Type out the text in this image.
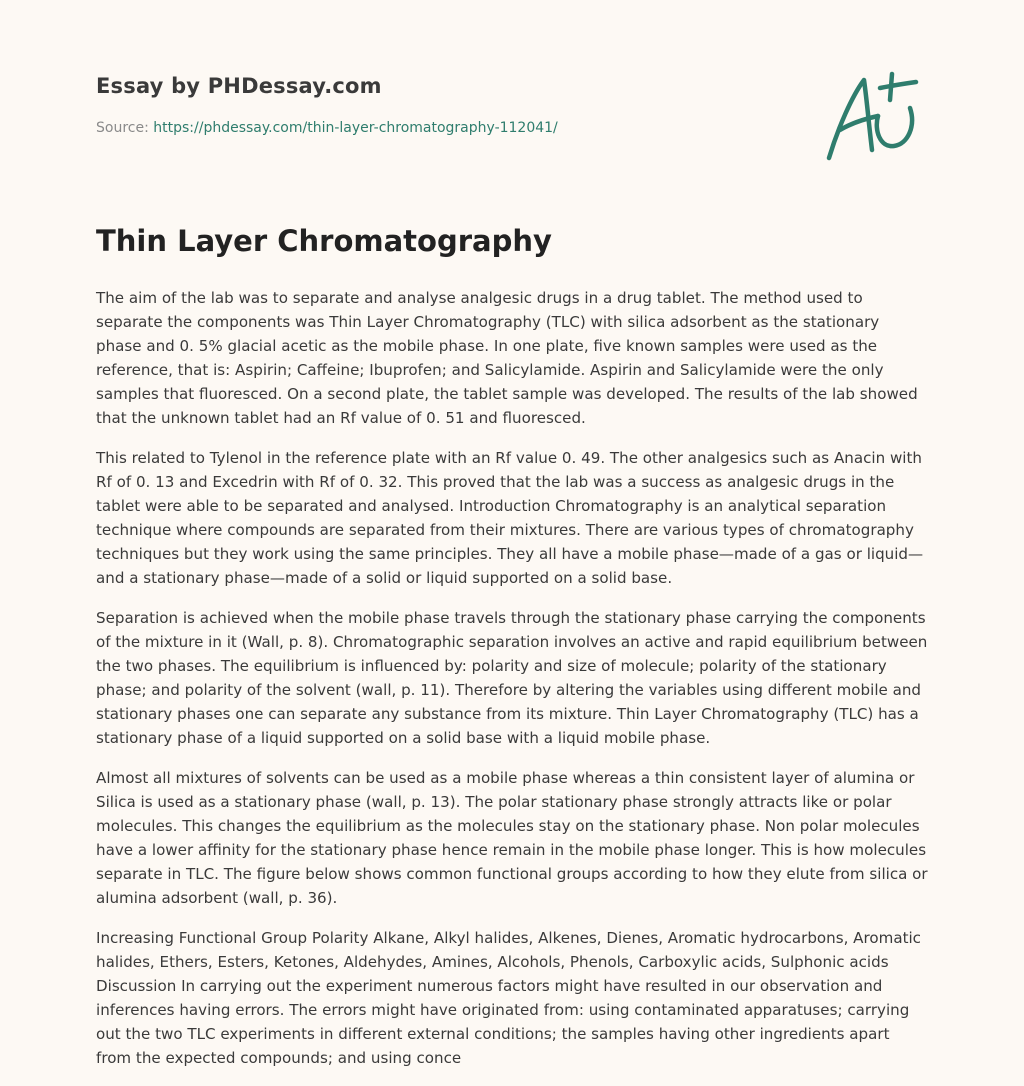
Essay by PHDessay.com
Source: https://phdessay.com/thin-layer-chromatography-112041/
Thin Layer Chromatography

The aim of the lab was to separate and analyse analgesic drugs in a drug tablet. The method used to separate the components was Thin Layer Chromatography (TLC) with silica adsorbent as the stationary phase and 0. 5% glacial acetic as the mobile phase. In one plate, five known samples were used as the reference, that is: Aspirin; Caffeine; Ibuprofen; and Salicylamide. Aspirin and Salicylamide were the only samples that fluoresced. On a second plate, the tablet sample was developed. The results of the lab showed that the unknown tablet had an Rf value of 0. 51 and fluoresced.

This related to Tylenol in the reference plate with an Rf value 0. 49. The other analgesics such as Anacin with Rf of 0. 13 and Excedrin with Rf of 0. 32. This proved that the lab was a success as analgesic drugs in the tablet were able to be separated and analysed. Introduction Chromatography is an analytical separation technique where compounds are separated from their mixtures. There are various types of chromatography techniques but they work using the same principles. They all have a mobile phase—made of a gas or liquid—and a stationary phase—made of a solid or liquid supported on a solid base.

Separation is achieved when the mobile phase travels through the stationary phase carrying the components of the mixture in it (Wall, p. 8). Chromatographic separation involves an active and rapid equilibrium between the two phases. The equilibrium is influenced by: polarity and size of molecule; polarity of the stationary phase; and polarity of the solvent (wall, p. 11). Therefore by altering the variables using different mobile and stationary phases one can separate any substance from its mixture. Thin Layer Chromatography (TLC) has a stationary phase of a liquid supported on a solid base with a liquid mobile phase.

Almost all mixtures of solvents can be used as a mobile phase whereas a thin consistent layer of alumina or Silica is used as a stationary phase (wall, p. 13). The polar stationary phase strongly attracts like or polar molecules. This changes the equilibrium as the molecules stay on the stationary phase. Non polar molecules have a lower affinity for the stationary phase hence remain in the mobile phase longer. This is how molecules separate in TLC. The figure below shows common functional groups according to how they elute from silica or alumina adsorbent (wall, p. 36).

Increasing Functional Group Polarity Alkane, Alkyl halides, Alkenes, Dienes, Aromatic hydrocarbons, Aromatic halides, Ethers, Esters, Ketones, Aldehydes, Amines, Alcohols, Phenols, Carboxylic acids, Sulphonic acids Discussion In carrying out the experiment numerous factors might have resulted in our observation and inferences having errors. The errors might have originated from: using contaminated apparatuses; carrying out the two TLC experiments in different external conditions; the samples having other ingredients apart from the expected compounds; and using conce
